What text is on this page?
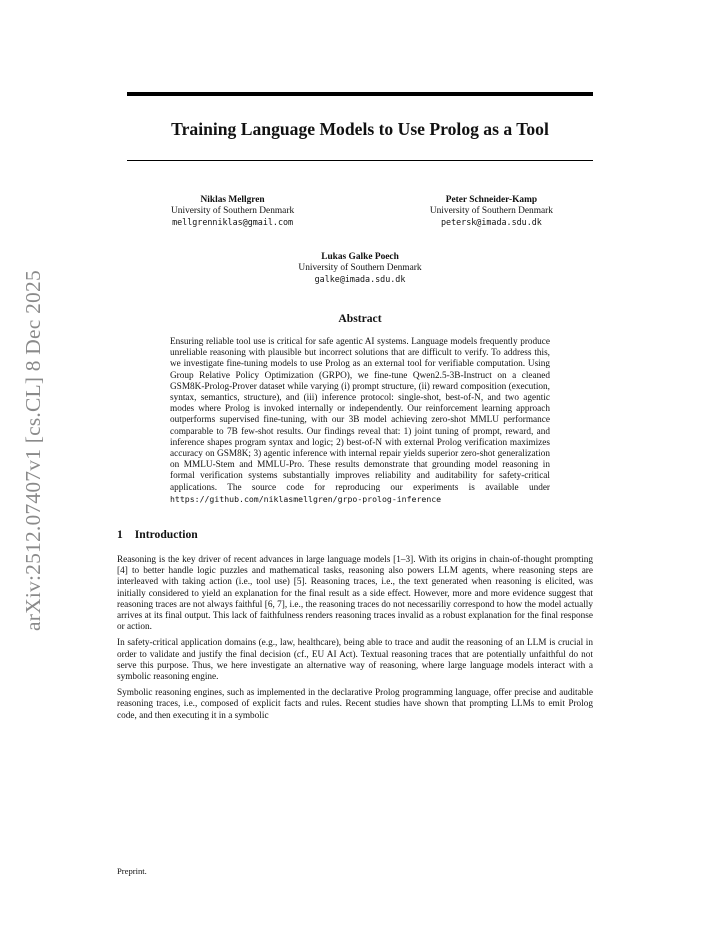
arXiv:2512.07407v1 [cs.CL] 8 Dec 2025
Training Language Models to Use Prolog as a Tool
Niklas Mellgren
University of Southern Denmark
mellgrenniklas@gmail.com
Peter Schneider-Kamp
University of Southern Denmark
petersk@imada.sdu.dk
Lukas Galke Poech
University of Southern Denmark
galke@imada.sdu.dk
Abstract
Ensuring reliable tool use is critical for safe agentic AI systems. Language models frequently produce unreliable reasoning with plausible but incorrect solutions that are difficult to verify. To address this, we investigate fine-tuning models to use Prolog as an external tool for verifiable computation. Using Group Relative Policy Optimization (GRPO), we fine-tune Qwen2.5-3B-Instruct on a cleaned GSM8K-Prolog-Prover dataset while varying (i) prompt structure, (ii) reward composition (execution, syntax, semantics, structure), and (iii) inference protocol: single-shot, best-of-N, and two agentic modes where Prolog is invoked internally or independently. Our reinforcement learning approach outperforms supervised fine-tuning, with our 3B model achieving zero-shot MMLU performance comparable to 7B few-shot results. Our findings reveal that: 1) joint tuning of prompt, reward, and inference shapes program syntax and logic; 2) best-of-N with external Prolog verification maximizes accuracy on GSM8K; 3) agentic inference with internal repair yields superior zero-shot generalization on MMLU-Stem and MMLU-Pro. These results demonstrate that grounding model reasoning in formal verification systems substantially improves reliability and auditability for safety-critical applications. The source code for reproducing our experiments is available under https://github.com/niklasmellgren/grpo-prolog-inference
1 Introduction

Reasoning is the key driver of recent advances in large language models [1–3]. With its origins in chain-of-thought prompting [4] to better handle logic puzzles and mathematical tasks, reasoning also powers LLM agents, where reasoning steps are interleaved with taking action (i.e., tool use) [5]. Reasoning traces, i.e., the text generated when reasoning is elicited, was initially considered to yield an explanation for the final result as a side effect. However, more and more evidence suggest that reasoning traces are not always faithful [6, 7], i.e., the reasoning traces do not necessariliy correspond to how the model actually arrives at its final output. This lack of faithfulness renders reasoning traces invalid as a robust explanation for the final response or action.

In safety-critical application domains (e.g., law, healthcare), being able to trace and audit the reasoning of an LLM is crucial in order to validate and justify the final decision (cf., EU AI Act). Textual reasoning traces that are potentially unfaithful do not serve this purpose. Thus, we here investigate an alternative way of reasoning, where large language models interact with a symbolic reasoning engine.

Symbolic reasoning engines, such as implemented in the declarative Prolog programming language, offer precise and auditable reasoning traces, i.e., composed of explicit facts and rules. Recent studies have shown that prompting LLMs to emit Prolog code, and then executing it in a symbolic

Preprint.
